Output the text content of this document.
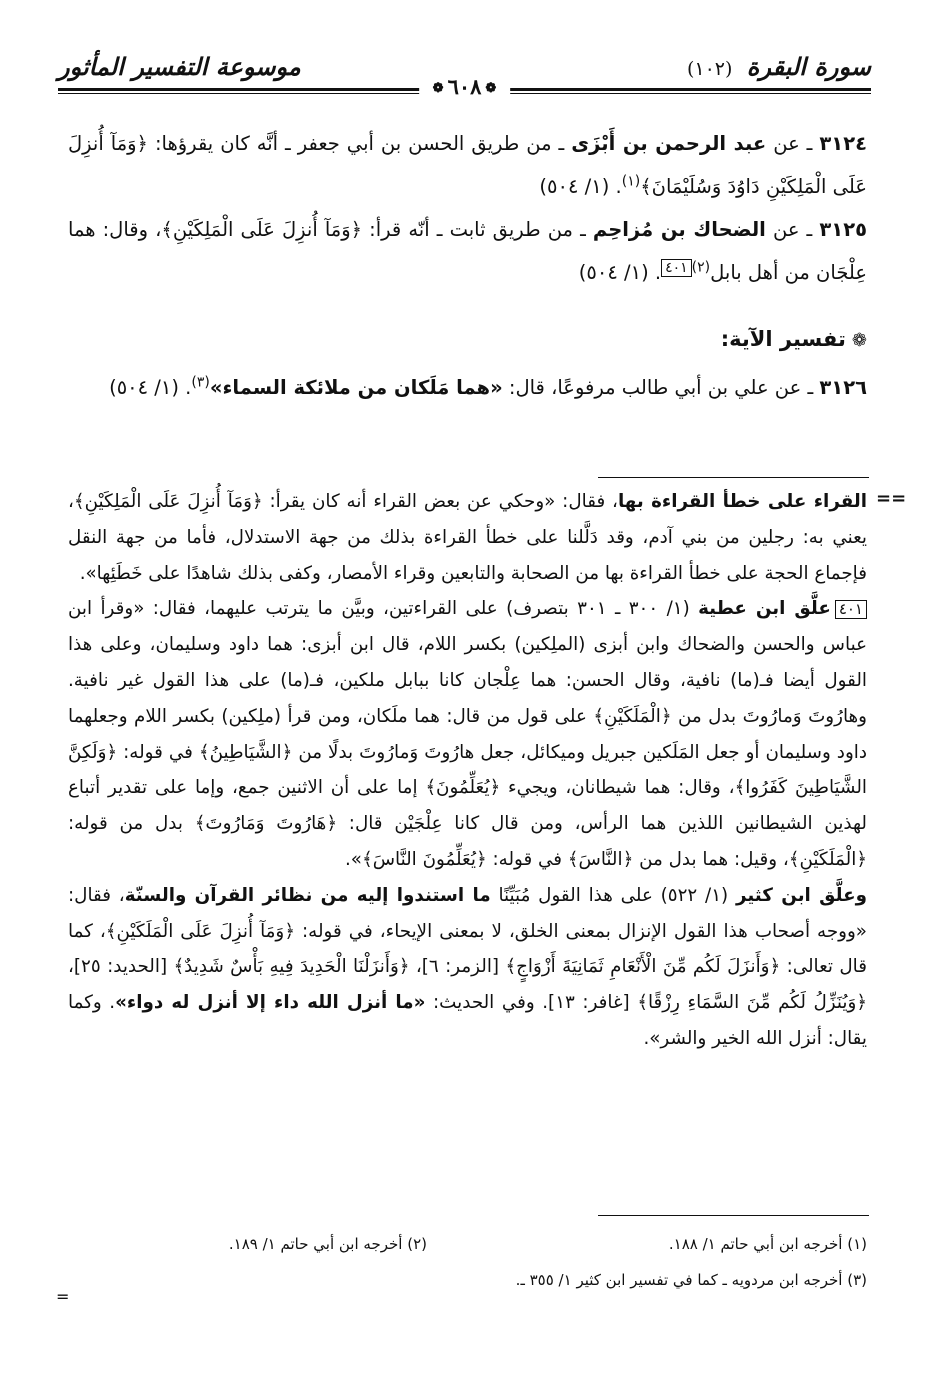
سورة البقرة (١٠٢)
موسوعة التفسير المأثور
❁٦٠٨❁

٣١٢٤ ـ عن عبد الرحمن بن أَبْزَى ـ من طريق الحسن بن أبي جعفر ـ أنَّه كان يقرؤها: ﴿وَمَآ أُنزِلَ عَلَى الْمَلِكَيْنِ دَاوُدَ وَسُلَيْمَانَ﴾$^{(١)}$. (١/ ٥٠٤)

٣١٢٥ ـ عن الضحاك بن مُزاحِم ـ من طريق ثابت ـ أنّه قرأ: ﴿وَمَآ أُنزِلَ عَلَى الْمَلِكَيْنِ﴾، وقال: هما عِلْجَان من أهل بابل$^{(٢)}$٤٠١. (١/ ٥٠٤)

❁تفسير الآية:

٣١٢٦ ـ عن علي بن أبي طالب مرفوعًا، قال: «هما مَلَكان من ملائكة السماء»$^{(٣)}$. (١/ ٥٠٤)

==

القراء على خطأ القراءة بها، فقال: «وحكي عن بعض القراء أنه كان يقرأ: ﴿وَمَآ أُنزِلَ عَلَى الْمَلِكَيْنِ﴾، يعني به: رجلين من بني آدم، وقد دَلَّلنا على خطأ القراءة بذلك من جهة الاستدلال، فأما من جهة النقل فإجماع الحجة على خطأ القراءة بها من الصحابة والتابعين وقراء الأمصار، وكفى بذلك شاهدًا على خَطَئِها».

٤٠١علَّق ابن عطية (١/ ٣٠٠ ـ ٣٠١ بتصرف) على القراءتين، وبيَّن ما يترتب عليهما، فقال: «وقرأ ابن عباس والحسن والضحاك وابن أبزى (الملِكين) بكسر اللام، قال ابن أبزى: هما داود وسليمان، وعلى هذا القول أيضا فـ(ما) نافية، وقال الحسن: هما عِلْجان كانا ببابل ملكين، فـ(ما) على هذا القول غير نافية. وهارُوتَ وَمارُوتَ بدل من ﴿الْمَلَكَيْنِ﴾ على قول من قال: هما ملَكان، ومن قرأ (ملِكين) بكسر اللام وجعلهما داود وسليمان أو جعل المَلَكين جبريل وميكائل، جعل هارُوتَ وَمارُوتَ بدلًا من ﴿الشَّيَاطِينُ﴾ في قوله: ﴿وَلَكِنَّ الشَّيَاطِينَ كَفَرُوا﴾، وقال: هما شيطانان، ويجيء ﴿يُعَلِّمُونَ﴾ إما على أن الاثنين جمع، وإما على تقدير أتباع لهذين الشيطانين اللذين هما الرأس، ومن قال كانا عِلْجَيْن قال: ﴿هَارُوتَ وَمَارُوتَ﴾ بدل من قوله: ﴿الْمَلَكَيْنِ﴾، وقيل: هما بدل من ﴿النَّاسَ﴾ في قوله: ﴿يُعَلِّمُونَ النَّاسَ﴾».

وعلَّق ابن كثير (١/ ٥٢٢) على هذا القول مُبَيِّنًا ما استندوا إليه من نظائر القرآن والسنّة، فقال: «ووجه أصحاب هذا القول الإنزال بمعنى الخلق، لا بمعنى الإيحاء، في قوله: ﴿وَمَآ أُنزِلَ عَلَى الْمَلَكَيْنِ﴾، كما قال تعالى: ﴿وَأَنزَلَ لَكُم مِّنَ الْأَنْعَامِ ثَمَانِيَةَ أَزْوَاجٍ﴾ [الزمر: ٦]، ﴿وَأَنزَلْنَا الْحَدِيدَ فِيهِ بَأْسٌ شَدِيدٌ﴾ [الحديد: ٢٥]، ﴿وَيُنَزِّلُ لَكُم مِّنَ السَّمَاءِ رِزْقًا﴾ [غافر: ١٣]. وفي الحديث: «ما أنزل الله داء إلا أنزل له دواء». وكما يقال: أنزل الله الخير والشر».

(١) أخرجه ابن أبي حاتم ١/ ١٨٨.
(٢) أخرجه ابن أبي حاتم ١/ ١٨٩.
(٣) أخرجه ابن مردويه ـ كما في تفسير ابن كثير ١/ ٣٥٥ ـ.
=
